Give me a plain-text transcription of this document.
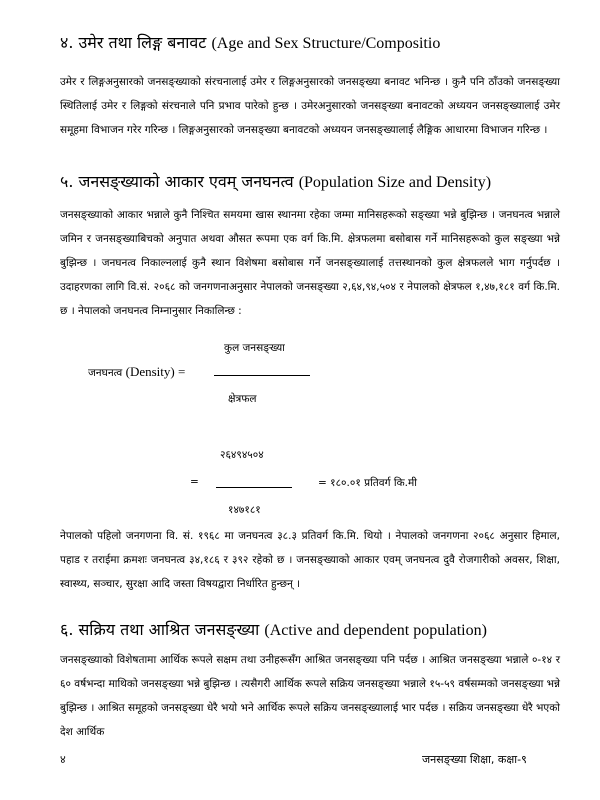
४. उमेर तथा लिङ्ग बनावट (Age and Sex Structure/Compositio

उमेर र लिङ्गअनुसारको जनसङ्ख्याको संरचनालाई उमेर र लिङ्गअनुसारको जनसङ्ख्या बनावट भनिन्छ । कुनै पनि ठाँउको जनसङ्ख्या स्थितिलाई उमेर र लिङ्गको संरचनाले पनि प्रभाव पारेको हुन्छ । उमेरअनुसारको जनसङ्ख्या बनावटको अध्ययन जनसङ्ख्यालाई उमेर समूहमा विभाजन गरेर गरिन्छ । लिङ्गअनुसारको जनसङ्ख्या बनावटको अध्ययन जनसङ्ख्यालाई लैङ्गिक आधारमा विभाजन गरिन्छ ।

५. जनसङ्ख्याको आकार एवम् जनघनत्व (Population Size and Density)

जनसङ्ख्याको आकार भन्नाले कुनै निश्चित समयमा खास स्थानमा रहेका जम्मा मानिसहरूको सङ्ख्या भन्ने बुझिन्छ । जनघनत्व भन्नाले जमिन र जनसङ्ख्याबिचको अनुपात अथवा औसत रूपमा एक वर्ग कि.मि. क्षेत्रफलमा बसोबास गर्ने मानिसहरूको कुल सङ्ख्या भन्ने बुझिन्छ । जनघनत्व निकाल्नलाई कुनै स्थान विशेषमा बसोबास गर्ने जनसङ्ख्यालाई तत्तस्थानको कुल क्षेत्रफलले भाग गर्नुपर्दछ । उदाहरणका लागि वि.सं. २०६८ को जनगणनाअनुसार नेपालको जनसङ्ख्या २,६४,९४,५०४ र नेपालको क्षेत्रफल १,४७,१८१ वर्ग कि.मि. छ । नेपालको जनघनत्व निम्नानुसार निकालिन्छ :

कुल जनसङ्ख्या
जनघनत्व (Density) =
क्षेत्रफल
२६४९४५०४
=	= १८०.०१ प्रतिवर्ग कि.मी
१४७१८१

नेपालको पहिलो जनगणना वि. सं. १९६८ मा जनघनत्व ३८.३ प्रतिवर्ग कि.मि. थियो । नेपालको जनगणना २०६८ अनुसार हिमाल, पहाड र तराईमा क्रमशः जनघनत्व ३४,१८६ र ३९२ रहेको छ । जनसङ्ख्याको आकार एवम् जनघनत्व दुवै रोजगारीको अवसर, शिक्षा, स्वास्थ्य, सञ्चार, सुरक्षा आदि जस्ता विषयद्वारा निर्धारित हुन्छन् ।

६. सक्रिय तथा आश्रित जनसङ्ख्या (Active and dependent population)

जनसङ्ख्याको विशेषतामा आर्थिक रूपले सक्षम तथा उनीहरूसँग आश्रित जनसङ्ख्या पनि पर्दछ । आश्रित जनसङ्ख्या भन्नाले ०-१४ र ६० वर्षभन्दा माथिको जनसङ्ख्या भन्ने बुझिन्छ । त्यसैगरी आर्थिक रूपले सक्रिय जनसङ्ख्या भन्नाले १५-५९ वर्षसम्मको जनसङ्ख्या भन्ने बुझिन्छ । आश्रित समूहको जनसङ्ख्या धेरै भयो भने आर्थिक रूपले सक्रिय जनसङ्ख्यालाई भार पर्दछ । सक्रिय जनसङ्ख्या धेरै भएको देश आर्थिक

४	जनसङ्ख्या शिक्षा, कक्षा-९
